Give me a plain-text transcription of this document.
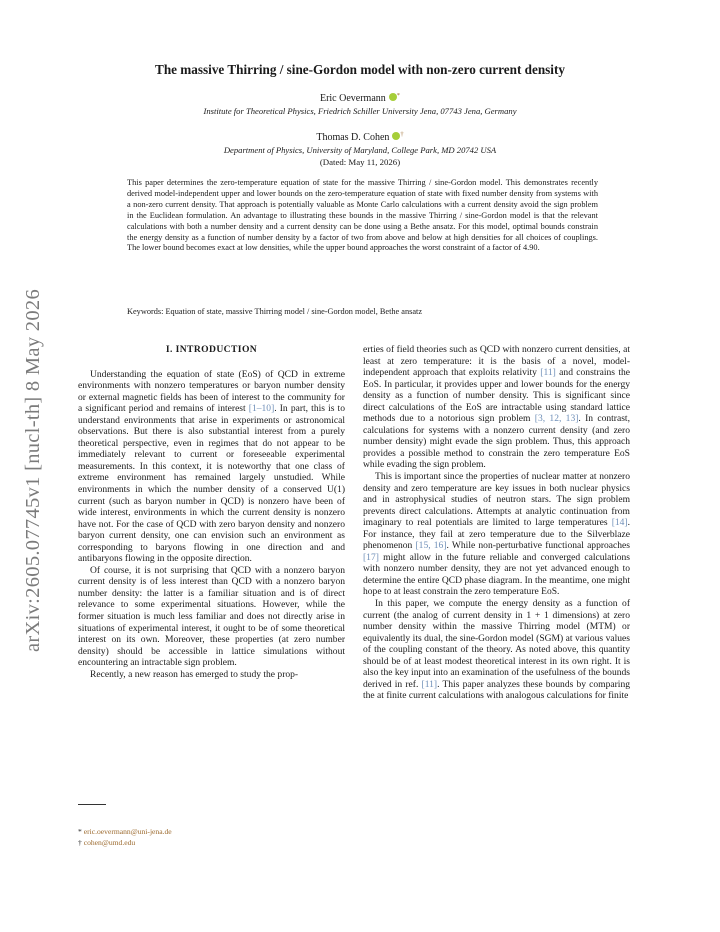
arXiv:2605.07745v1 [nucl-th] 8 May 2026
The massive Thirring / sine-Gordon model with non-zero current density
Eric Oevermann *
Institute for Theoretical Physics, Friedrich Schiller University Jena, 07743 Jena, Germany
Thomas D. Cohen †
Department of Physics, University of Maryland, College Park, MD 20742 USA
(Dated: May 11, 2026)
This paper determines the zero-temperature equation of state for the massive Thirring / sine-Gordon model. This demonstrates recently derived model-independent upper and lower bounds on the zero-temperature equation of state with fixed number density from systems with a non-zero current density. That approach is potentially valuable as Monte Carlo calculations with a current density avoid the sign problem in the Euclidean formulation. An advantage to illustrating these bounds in the massive Thirring / sine-Gordon model is that the relevant calculations with both a number density and a current density can be done using a Bethe ansatz. For this model, optimal bounds constrain the energy density as a function of number density by a factor of two from above and below at high densities for all choices of couplings. The lower bound becomes exact at low densities, while the upper bound approaches the worst constraint of a factor of 4.90.
Keywords: Equation of state, massive Thirring model / sine-Gordon model, Bethe ansatz
I. INTRODUCTION

Understanding the equation of state (EoS) of QCD in extreme environments with nonzero temperatures or baryon number density or external magnetic fields has been of interest to the community for a significant period and remains of interest [1–10]. In part, this is to understand environments that arise in experiments or astronomical observations. But there is also substantial interest from a purely theoretical perspective, even in regimes that do not appear to be immediately relevant to current or foreseeable experimental measurements. In this context, it is noteworthy that one class of extreme environment has remained largely unstudied. While environments in which the number density of a conserved U(1) current (such as baryon number in QCD) is nonzero have been of wide interest, environments in which the current density is nonzero have not. For the case of QCD with zero baryon density and nonzero baryon current density, one can envision such an environment as corresponding to baryons flowing in one direction and and antibaryons flowing in the opposite direction.

Of course, it is not surprising that QCD with a nonzero baryon current density is of less interest than QCD with a nonzero baryon number density: the latter is a familiar situation and is of direct relevance to some experimental situations. However, while the former situation is much less familiar and does not directly arise in situations of experimental interest, it ought to be of some theoretical interest on its own. Moreover, these properties (at zero number density) should be accessible in lattice simulations without encountering an intractable sign problem.

Recently, a new reason has emerged to study the prop-

erties of field theories such as QCD with nonzero current densities, at least at zero temperature: it is the basis of a novel, model-independent approach that exploits relativity [11] and constrains the EoS. In particular, it provides upper and lower bounds for the energy density as a function of number density. This is significant since direct calculations of the EoS are intractable using standard lattice methods due to a notorious sign problem [3, 12, 13]. In contrast, calculations for systems with a nonzero current density (and zero number density) might evade the sign problem. Thus, this approach provides a possible method to constrain the zero temperature EoS while evading the sign problem.

This is important since the properties of nuclear matter at nonzero density and zero temperature are key issues in both nuclear physics and in astrophysical studies of neutron stars. The sign problem prevents direct calculations. Attempts at analytic continuation from imaginary to real potentials are limited to large temperatures [14]. For instance, they fail at zero temperature due to the Silverblaze phenomenon [15, 16]. While non-perturbative functional approaches [17] might allow in the future reliable and converged calculations with nonzero number density, they are not yet advanced enough to determine the entire QCD phase diagram. In the meantime, one might hope to at least constrain the zero temperature EoS.

In this paper, we compute the energy density as a function of current (the analog of current density in 1 + 1 dimensions) at zero number density within the massive Thirring model (MTM) or equivalently its dual, the sine-Gordon model (SGM) at various values of the coupling constant of the theory. As noted above, this quantity should be of at least modest theoretical interest in its own right. It is also the key input into an examination of the usefulness of the bounds derived in ref. [11]. This paper analyzes these bounds by comparing the at finite current calculations with analogous calculations for finite

* eric.oevermann@uni-jena.de
† cohen@umd.edu
